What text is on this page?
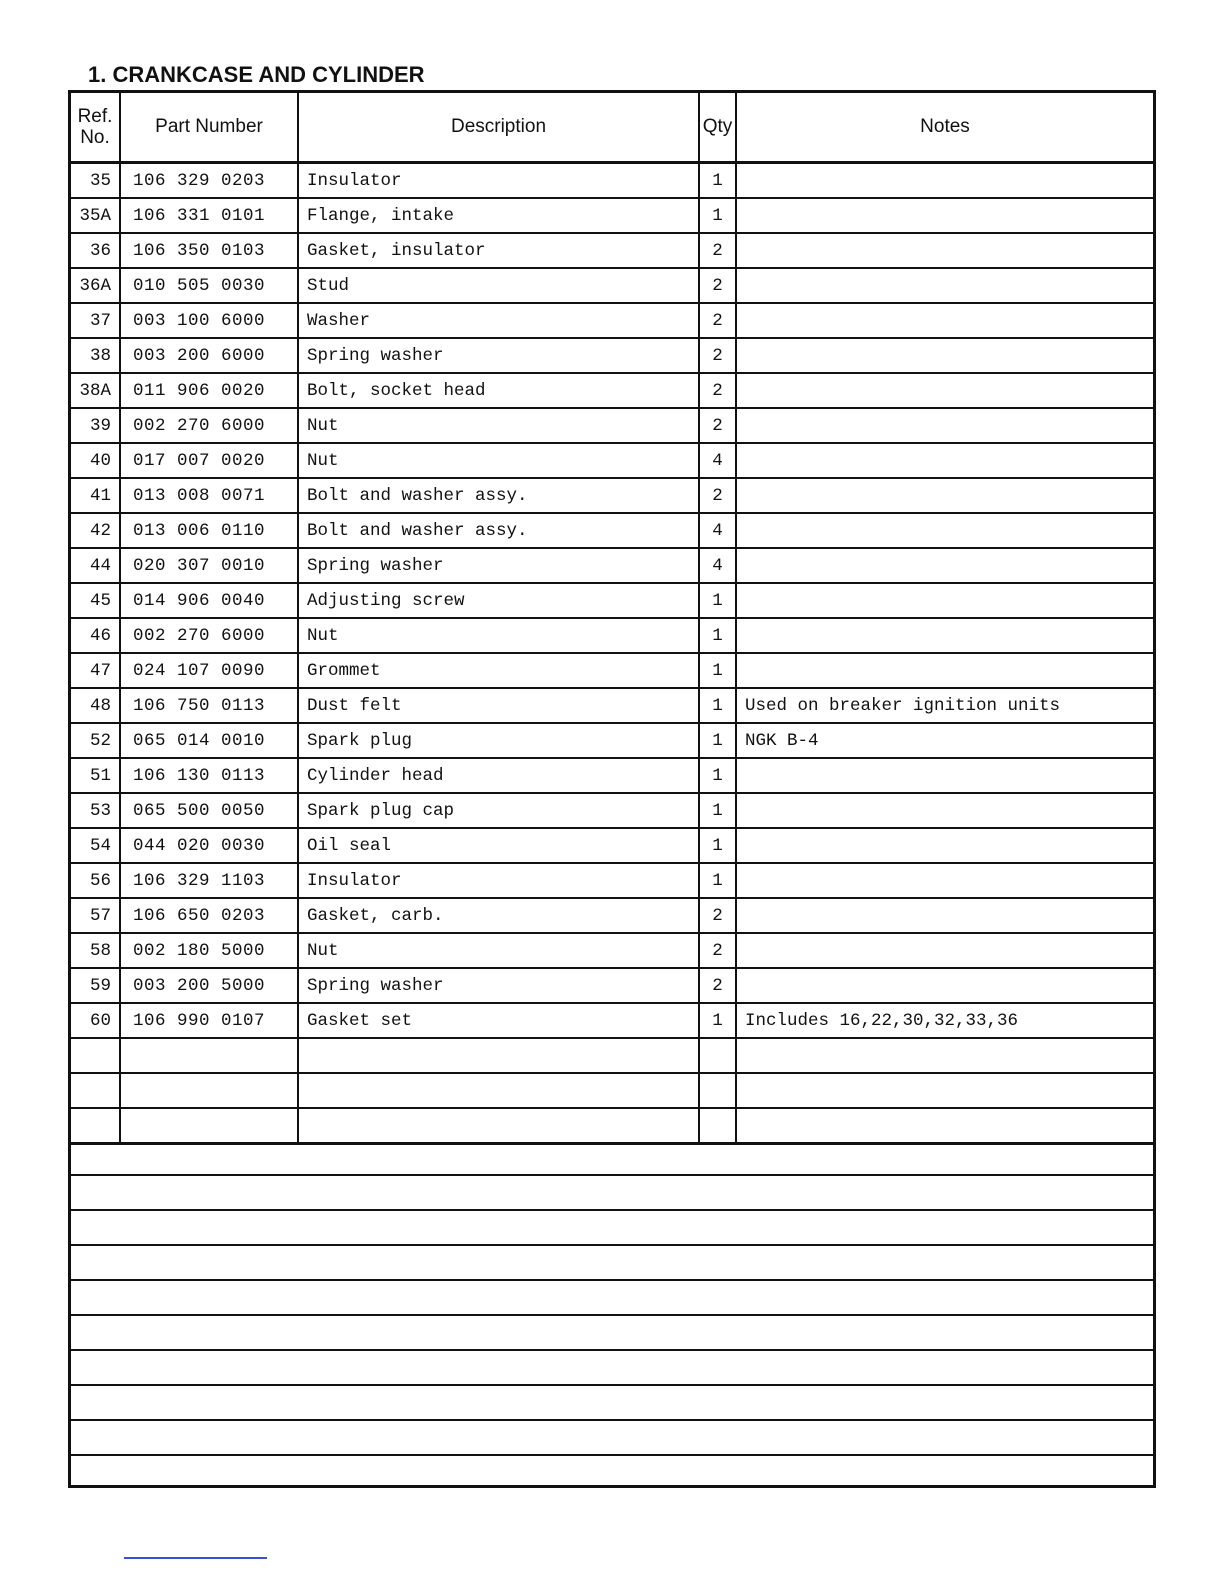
1. CRANKCASE AND CYLINDER
Ref.
No.	Part Number	Description	Qty	Notes
35	106 329 0203	Insulator	1	
35A	106 331 0101	Flange, intake	1	
36	106 350 0103	Gasket, insulator	2	
36A	010 505 0030	Stud	2	
37	003 100 6000	Washer	2	
38	003 200 6000	Spring washer	2	
38A	011 906 0020	Bolt, socket head	2	
39	002 270 6000	Nut	2	
40	017 007 0020	Nut	4	
41	013 008 0071	Bolt and washer assy.	2	
42	013 006 0110	Bolt and washer assy.	4	
44	020 307 0010	Spring washer	4	
45	014 906 0040	Adjusting screw	1	
46	002 270 6000	Nut	1	
47	024 107 0090	Grommet	1	
48	106 750 0113	Dust felt	1	Used on breaker ignition units
52	065 014 0010	Spark plug	1	NGK B-4
51	106 130 0113	Cylinder head	1	
53	065 500 0050	Spark plug cap	1	
54	044 020 0030	Oil seal	1	
56	106 329 1103	Insulator	1	
57	106 650 0203	Gasket, carb.	2	
58	002 180 5000	Nut	2	
59	003 200 5000	Spring washer	2	
60	106 990 0107	Gasket set	1	Includes 16,22,30,32,33,36
